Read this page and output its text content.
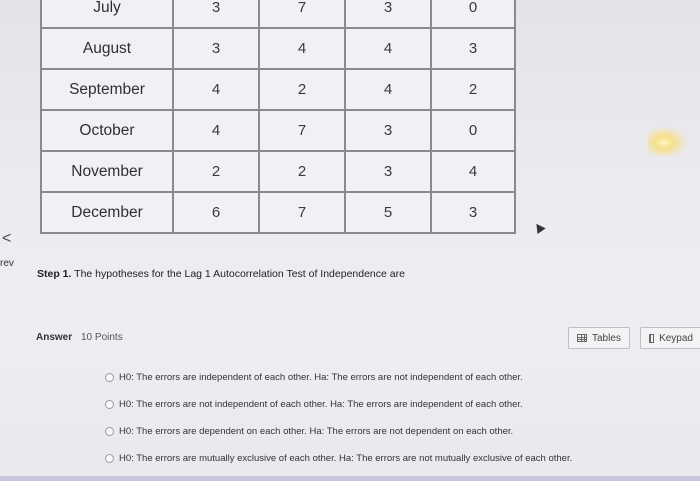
July	3	7	3	0
August	3	4	4	3
September	4	2	4	2
October	4	7	3	0
November	2	2	3	4
December	6	7	5	3
<
rev
Step 1. The hypotheses for the Lag 1 Autocorrelation Test of Independence are
Answer 10 Points	Tables	Keypad
H0: The errors are independent of each other. Ha: The errors are not independent of each other.
H0: The errors are not independent of each other. Ha: The errors are independent of each other.
H0: The errors are dependent on each other. Ha: The errors are not dependent on each other.
H0: The errors are mutually exclusive of each other. Ha: The errors are not mutually exclusive of each other.
